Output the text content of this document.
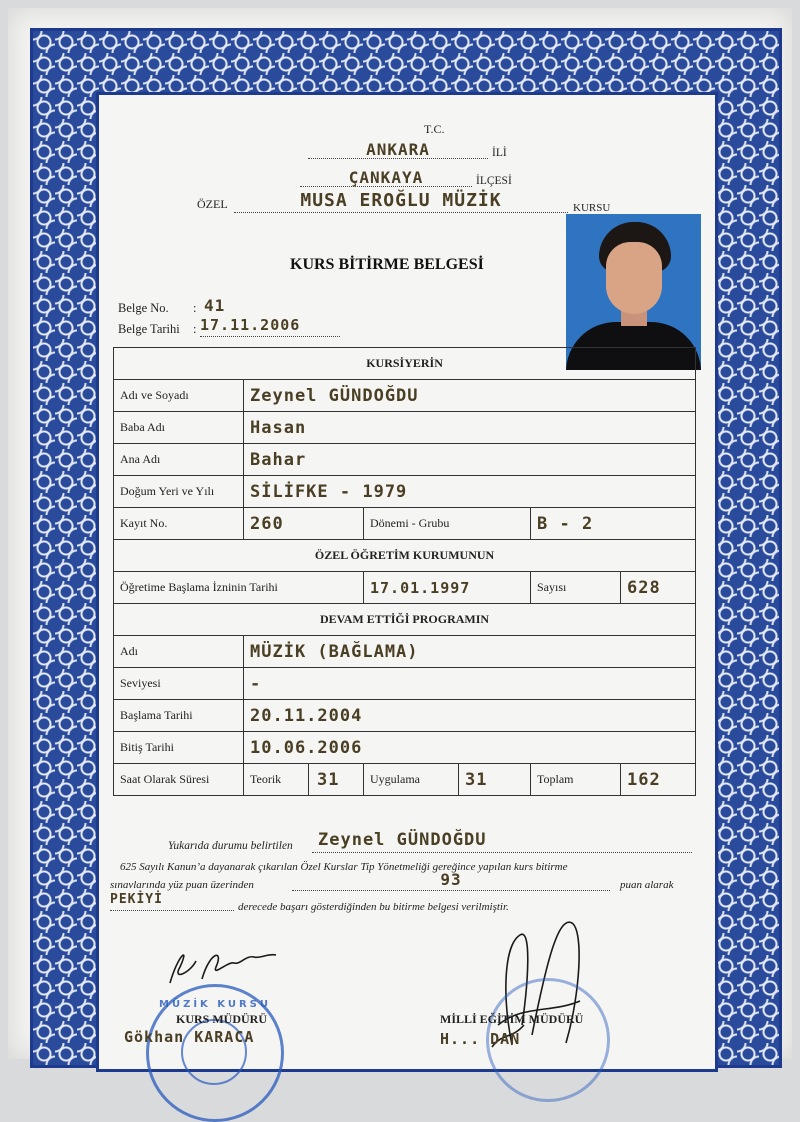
T.C.
ANKARA	İLİ
ÇANKAYA	İLÇESİ
ÖZEL	MUSA EROĞLU MÜZİK	KURSU
KURS BİTİRME BELGESİ
Belge No. : 41
Belge Tarihi : 17.11.2006
KURSİYERİN					
Adı ve Soyadı	Zeynel GÜNDOĞDU				
Baba Adı	Hasan				
Ana Adı	Bahar				
Doğum Yeri ve Yılı	SİLİFKE - 1979				
Kayıt No.	260	Dönemi - Grubu		B - 2	
ÖZEL ÖĞRETİM KURUMUNUN					
Öğretime Başlama İzninin Tarihi		17.01.1997		Sayısı	628
DEVAM ETTİĞİ PROGRAMIN					
Adı	MÜZİK (BAĞLAMA)				
Seviyesi	-				
Başlama Tarihi	20.11.2004				
Bitiş Tarihi	10.06.2006				
Saat Olarak Süresi	Teorik 31	Uygulama	31	Toplam	162
Yukarıda durumu belirtilen	Zeynel GÜNDOĞDU
625 Sayılı Kanun’a dayanarak çıkarılan Özel Kurslar Tip Yönetmeliği gereğince yapılan kurs bitirme
sınavlarında yüz puan üzerinden	93	puan alarak
PEKİYİ	derecede başarı gösterdiğinden bu bitirme belgesi verilmiştir.
MÜZİK KURSU
KURS MÜDÜRÜ
Gökhan KARACA
MİLLİ EĞİTİM MÜDÜRÜ
H... DAN
